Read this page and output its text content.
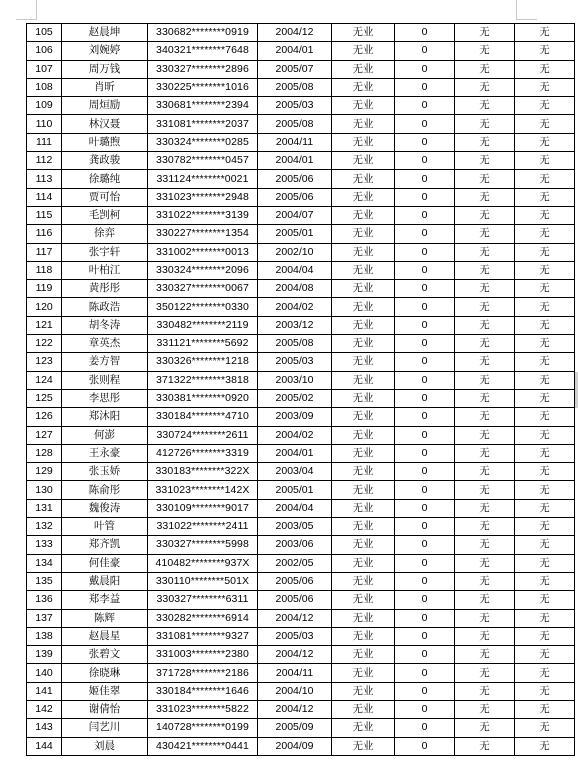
105	赵晨坤	330682********0919	2004/12	无业	0	无	无
106	刘婉婷	340321********7648	2004/01	无业	0	无	无
107	周万钱	330327********2896	2005/07	无业	0	无	无
108	肖昕	330225********1016	2005/08	无业	0	无	无
109	周烜励	330681********2394	2005/03	无业	0	无	无
110	林汉聂	331081********2037	2005/08	无业	0	无	无
111	叶璐煦	330324********0285	2004/11	无业	0	无	无
112	龚政骏	330782********0457	2004/01	无业	0	无	无
113	徐璐纯	331124********0021	2005/06	无业	0	无	无
114	贾可怡	331023********2948	2005/06	无业	0	无	无
115	毛剀柯	331022********3139	2004/07	无业	0	无	无
116	徐弈	330227********1354	2005/01	无业	0	无	无
117	张宇轩	331002********0013	2002/10	无业	0	无	无
118	叶柏江	330324********2096	2004/04	无业	0	无	无
119	黄彤彤	330327********0067	2004/08	无业	0	无	无
120	陈政浩	350122********0330	2004/02	无业	0	无	无
121	胡冬涛	330482********2119	2003/12	无业	0	无	无
122	章英杰	331121********5692	2005/08	无业	0	无	无
123	姜方智	330326********1218	2005/03	无业	0	无	无
124	张则程	371322********3818	2003/10	无业	0	无	无
125	李思彤	330381********0920	2005/02	无业	0	无	无
126	郑沐阳	330184********4710	2003/09	无业	0	无	无
127	何澎	330724********2611	2004/02	无业	0	无	无
128	王永豪	412726********3319	2004/01	无业	0	无	无
129	张玉娇	330183********322X	2003/04	无业	0	无	无
130	陈俞彤	331023********142X	2005/01	无业	0	无	无
131	魏俊涛	330109********9017	2004/04	无业	0	无	无
132	叶管	331022********2411	2003/05	无业	0	无	无
133	郑齐凯	330327********5998	2003/06	无业	0	无	无
134	何佳豪	410482********937X	2002/05	无业	0	无	无
135	戴晨阳	330110********501X	2005/06	无业	0	无	无
136	郑李益	330327********6311	2005/06	无业	0	无	无
137	陈辉	330282********6914	2004/12	无业	0	无	无
138	赵晨星	331081********9327	2005/03	无业	0	无	无
139	张碧文	331003********2380	2004/12	无业	0	无	无
140	徐晓琳	371728********2186	2004/11	无业	0	无	无
141	姬佳翠	330184********1646	2004/10	无业	0	无	无
142	谢倩怡	331023********5822	2004/12	无业	0	无	无
143	闫艺川	140728********0199	2005/09	无业	0	无	无
144	刘晨	430421********0441	2004/09	无业	0	无	无
